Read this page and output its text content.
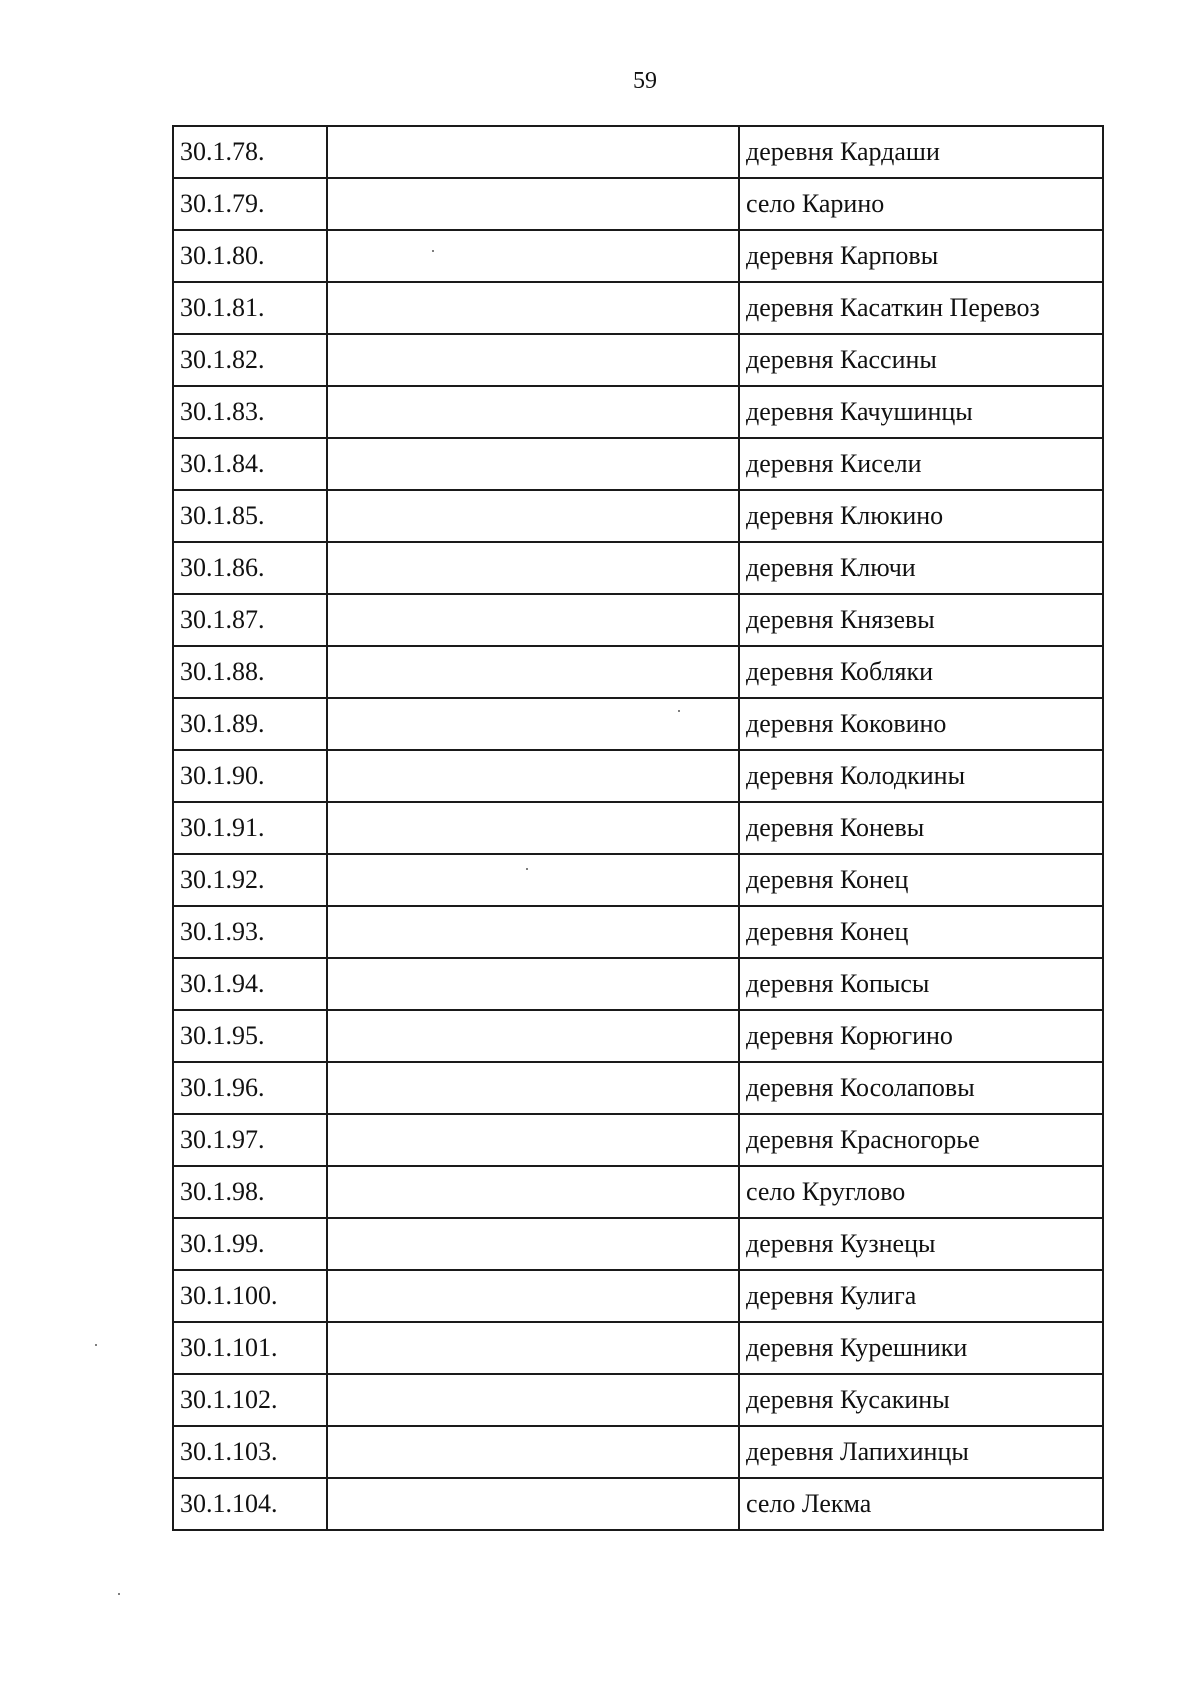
59
30.1.78.		деревня Кардаши
30.1.79.		село Карино
30.1.80.		деревня Карповы
30.1.81.		деревня Касаткин Перевоз
30.1.82.		деревня Кассины
30.1.83.		деревня Качушинцы
30.1.84.		деревня Кисели
30.1.85.		деревня Клюкино
30.1.86.		деревня Ключи
30.1.87.		деревня Князевы
30.1.88.		деревня Кобляки
30.1.89.		деревня Коковино
30.1.90.		деревня Колодкины
30.1.91.		деревня Коневы
30.1.92.		деревня Конец
30.1.93.		деревня Конец
30.1.94.		деревня Копысы
30.1.95.		деревня Корюгино
30.1.96.		деревня Косолаповы
30.1.97.		деревня Красногорье
30.1.98.		село Круглово
30.1.99.		деревня Кузнецы
30.1.100.		деревня Кулига
30.1.101.		деревня Курешники
30.1.102.		деревня Кусакины
30.1.103.		деревня Лапихинцы
30.1.104.		село Лекма
